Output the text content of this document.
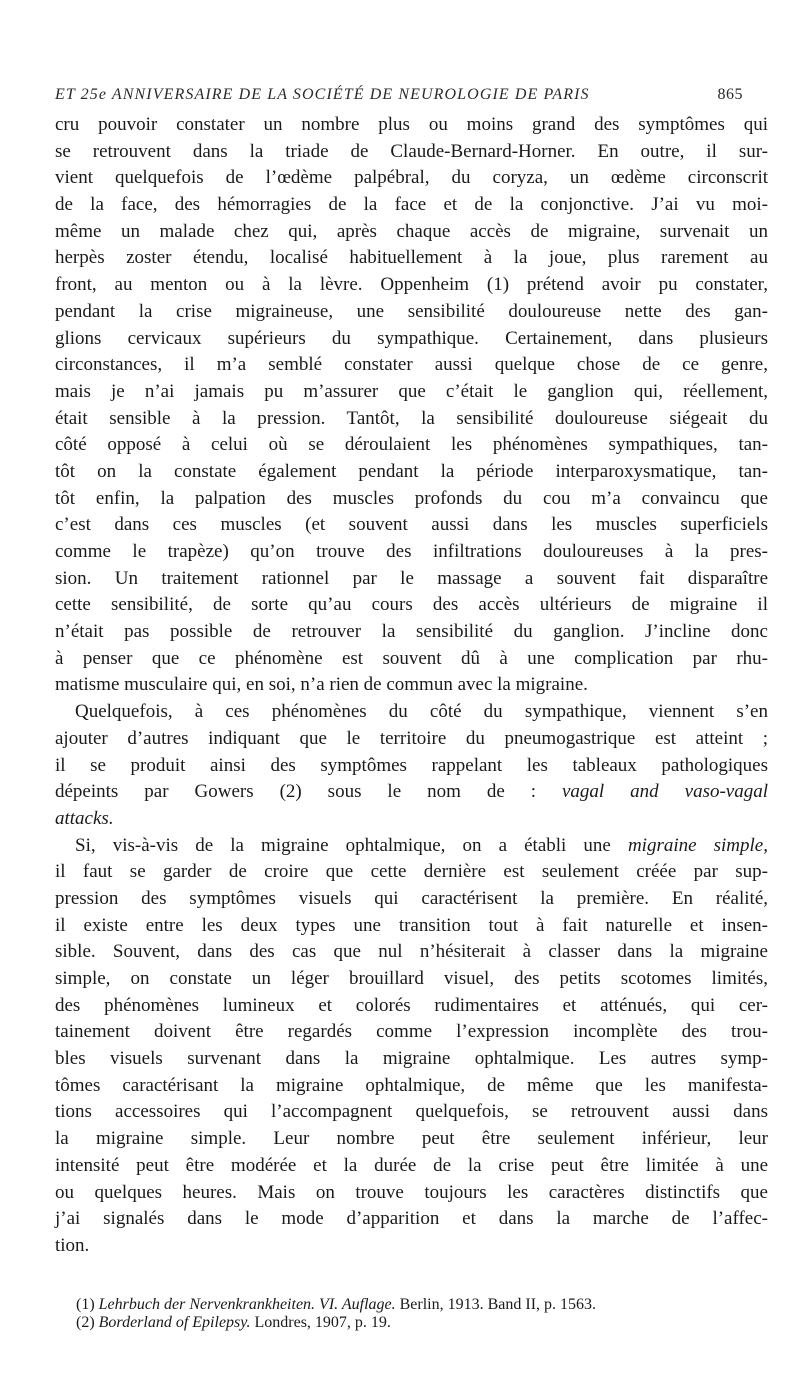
ET 25e ANNIVERSAIRE DE LA SOCIÉTÉ DE NEUROLOGIE DE PARIS	865
cru pouvoir constater un nombre plus ou moins grand des symptômes qui
se retrouvent dans la triade de Claude-Bernard-Horner. En outre, il sur-
vient quelquefois de l’œdème palpébral, du coryza, un œdème circonscrit
de la face, des hémorragies de la face et de la conjonctive. J’ai vu moi-
même un malade chez qui, après chaque accès de migraine, survenait un
herpès zoster étendu, localisé habituellement à la joue, plus rarement au
front, au menton ou à la lèvre. Oppenheim (1) prétend avoir pu constater,
pendant la crise migraineuse, une sensibilité douloureuse nette des gan-
glions cervicaux supérieurs du sympathique. Certainement, dans plusieurs
circonstances, il m’a semblé constater aussi quelque chose de ce genre,
mais je n’ai jamais pu m’assurer que c’était le ganglion qui, réellement,
était sensible à la pression. Tantôt, la sensibilité douloureuse siégeait du
côté opposé à celui où se déroulaient les phénomènes sympathiques, tan-
tôt on la constate également pendant la période interparoxysmatique, tan-
tôt enfin, la palpation des muscles profonds du cou m’a convaincu que
c’est dans ces muscles (et souvent aussi dans les muscles superficiels
comme le trapèze) qu’on trouve des infiltrations douloureuses à la pres-
sion. Un traitement rationnel par le massage a souvent fait disparaître
cette sensibilité, de sorte qu’au cours des accès ultérieurs de migraine il
n’était pas possible de retrouver la sensibilité du ganglion. J’incline donc
à penser que ce phénomène est souvent dû à une complication par rhu-
matisme musculaire qui, en soi, n’a rien de commun avec la migraine.
Quelquefois, à ces phénomènes du côté du sympathique, viennent s’en
ajouter d’autres indiquant que le territoire du pneumogastrique est atteint ;
il se produit ainsi des symptômes rappelant les tableaux pathologiques
dépeints par Gowers (2) sous le nom de : vagal and vaso-vagal
attacks.
Si, vis-à-vis de la migraine ophtalmique, on a établi une migraine simple,
il faut se garder de croire que cette dernière est seulement créée par sup-
pression des symptômes visuels qui caractérisent la première. En réalité,
il existe entre les deux types une transition tout à fait naturelle et insen-
sible. Souvent, dans des cas que nul n’hésiterait à classer dans la migraine
simple, on constate un léger brouillard visuel, des petits scotomes limités,
des phénomènes lumineux et colorés rudimentaires et atténués, qui cer-
tainement doivent être regardés comme l’expression incomplète des trou-
bles visuels survenant dans la migraine ophtalmique. Les autres symp-
tômes caractérisant la migraine ophtalmique, de même que les manifesta-
tions accessoires qui l’accompagnent quelquefois, se retrouvent aussi dans
la migraine simple. Leur nombre peut être seulement inférieur, leur
intensité peut être modérée et la durée de la crise peut être limitée à une
ou quelques heures. Mais on trouve toujours les caractères distinctifs que
j’ai signalés dans le mode d’apparition et dans la marche de l’affec-
tion.
(1) Lehrbuch der Nervenkrankheiten. VI. Auflage. Berlin, 1913. Band II, p. 1563.
(2) Borderland of Epilepsy. Londres, 1907, p. 19.
